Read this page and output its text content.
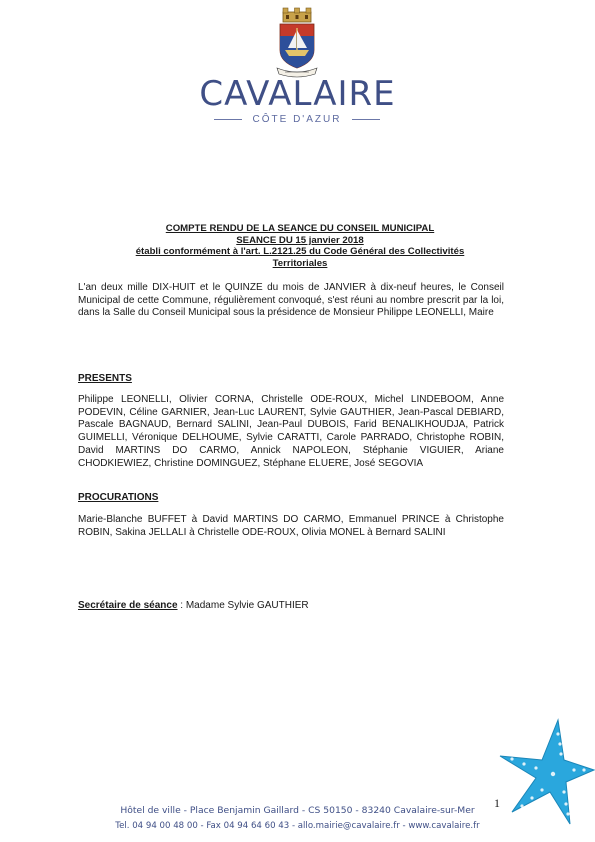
CAVALAIRE
CÔTE D'AZUR
COMPTE RENDU DE LA SEANCE DU CONSEIL MUNICIPAL
SEANCE DU 15 janvier 2018
établi conformément à l'art. L.2121.25 du Code Général des Collectivités
Territoriales

L'an deux mille DIX-HUIT et le QUINZE du mois de JANVIER à dix-neuf heures, le Conseil Municipal de cette Commune, régulièrement convoqué, s'est réuni au nombre prescrit par la loi, dans la Salle du Conseil Municipal sous la présidence de Monsieur Philippe LEONELLI, Maire

PRESENTS
Philippe LEONELLI, Olivier CORNA, Christelle ODE-ROUX, Michel LINDEBOOM, Anne PODEVIN, Céline GARNIER, Jean-Luc LAURENT, Sylvie GAUTHIER, Jean-Pascal DEBIARD, Pascale BAGNAUD, Bernard SALINI, Jean-Paul DUBOIS, Farid BENALIKHOUDJA, Patrick GUIMELLI, Véronique DELHOUME, Sylvie CARATTI, Carole PARRADO, Christophe ROBIN, David MARTINS DO CARMO, Annick NAPOLEON, Stéphanie VIGUIER, Ariane CHODKIEWIEZ, Christine DOMINGUEZ, Stéphane ELUERE, José SEGOVIA
PROCURATIONS
Marie-Blanche BUFFET à David MARTINS DO CARMO, Emmanuel PRINCE à Christophe ROBIN, Sakina JELLALI à Christelle ODE-ROUX, Olivia MONEL à Bernard SALINI
Secrétaire de séance : Madame Sylvie GAUTHIER
1
Hôtel de ville - Place Benjamin Gaillard - CS 50150 - 83240 Cavalaire-sur-Mer
Tel. 04 94 00 48 00 - Fax 04 94 64 60 43 - allo.mairie@cavalaire.fr - www.cavalaire.fr
